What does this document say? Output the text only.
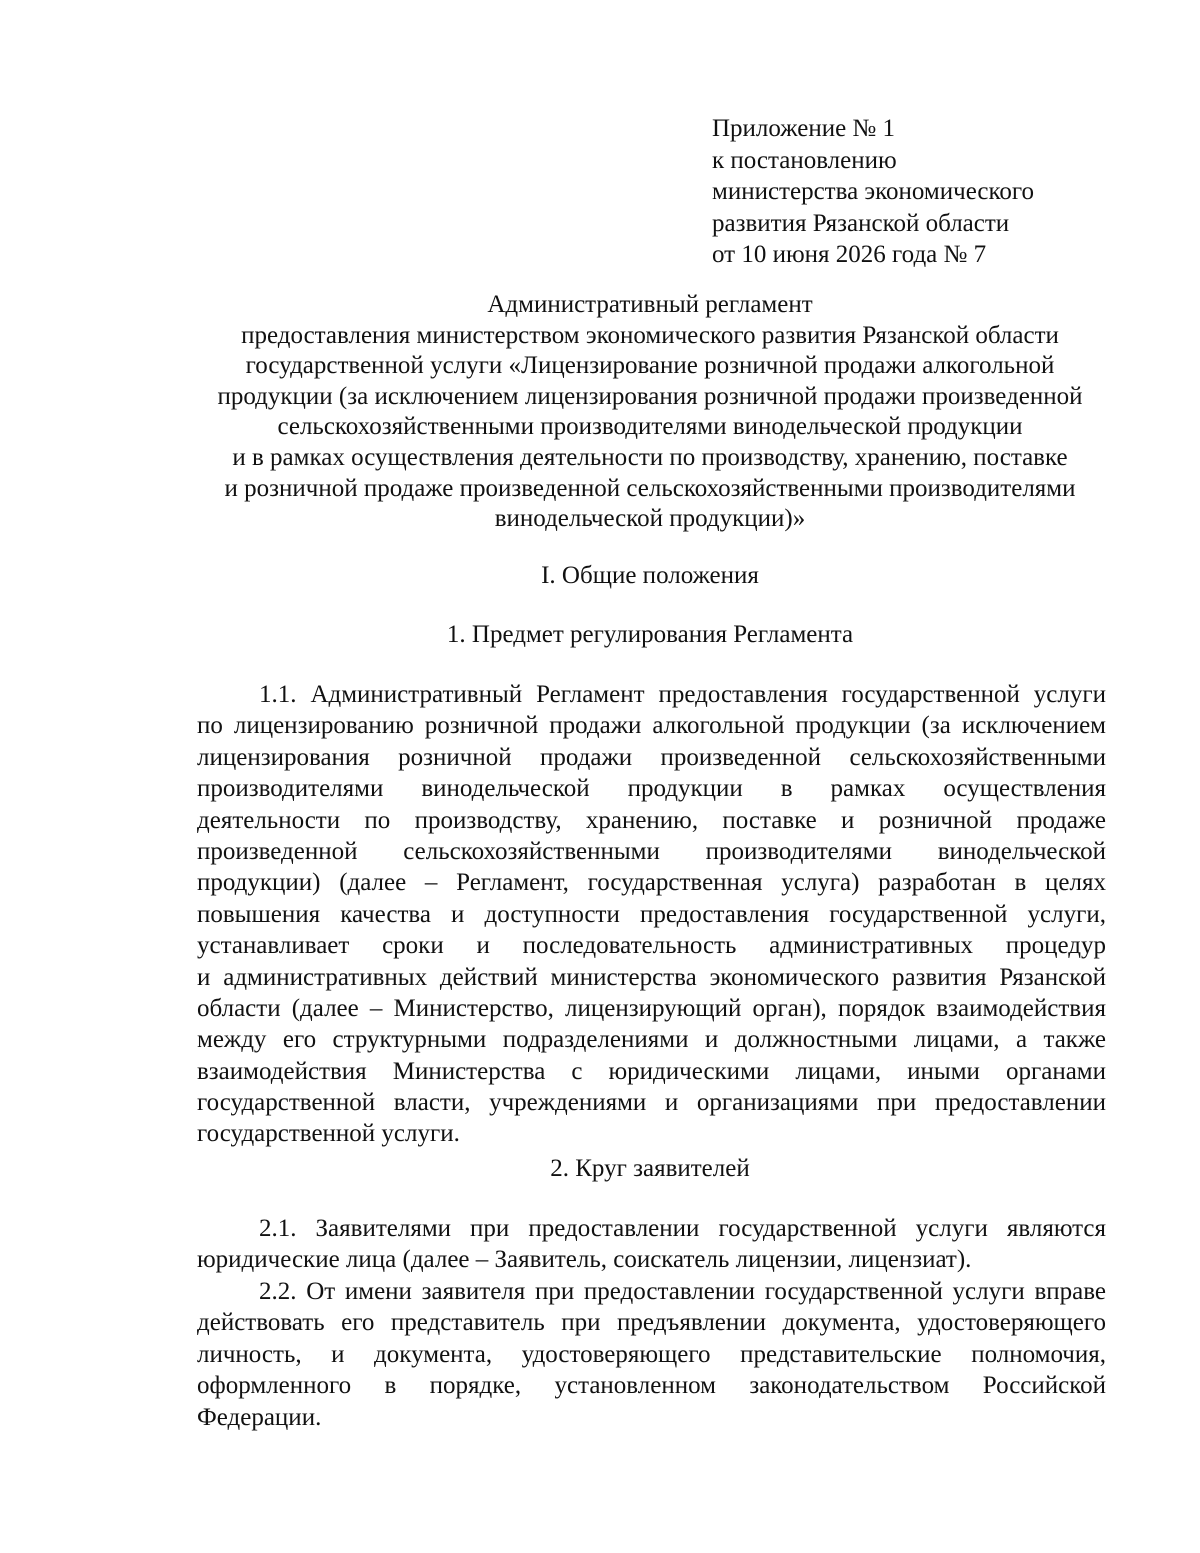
Приложение № 1
к постановлению
министерства экономического
развития Рязанской области
от 10 июня 2026 года № 7
Административный регламент
предоставления министерством экономического развития Рязанской области
государственной услуги «Лицензирование розничной продажи алкогольной
продукции (за исключением лицензирования розничной продажи произведенной
сельскохозяйственными производителями винодельческой продукции
и в рамках осуществления деятельности по производству, хранению, поставке
и розничной продаже произведенной сельскохозяйственными производителями
винодельческой продукции)»
I. Общие положения
1. Предмет регулирования Регламента
1.1. Административный Регламент предоставления государственной услуги
по лицензированию розничной продажи алкогольной продукции (за исключением
лицензирования розничной продажи произведенной сельскохозяйственными
производителями винодельческой продукции в рамках осуществления
деятельности по производству, хранению, поставке и розничной продаже
произведенной сельскохозяйственными производителями винодельческой
продукции) (далее – Регламент, государственная услуга) разработан в целях
повышения качества и доступности предоставления государственной услуги,
устанавливает сроки и последовательность административных процедур
и административных действий министерства экономического развития Рязанской
области (далее – Министерство, лицензирующий орган), порядок взаимодействия
между его структурными подразделениями и должностными лицами, а также
взаимодействия Министерства с юридическими лицами, иными органами
государственной власти, учреждениями и организациями при предоставлении
государственной услуги.
2. Круг заявителей
2.1. Заявителями при предоставлении государственной услуги являются
юридические лица (далее – Заявитель, соискатель лицензии, лицензиат).
2.2. От имени заявителя при предоставлении государственной услуги вправе
действовать его представитель при предъявлении документа, удостоверяющего
личность, и документа, удостоверяющего представительские полномочия,
оформленного в порядке, установленном законодательством Российской
Федерации.
